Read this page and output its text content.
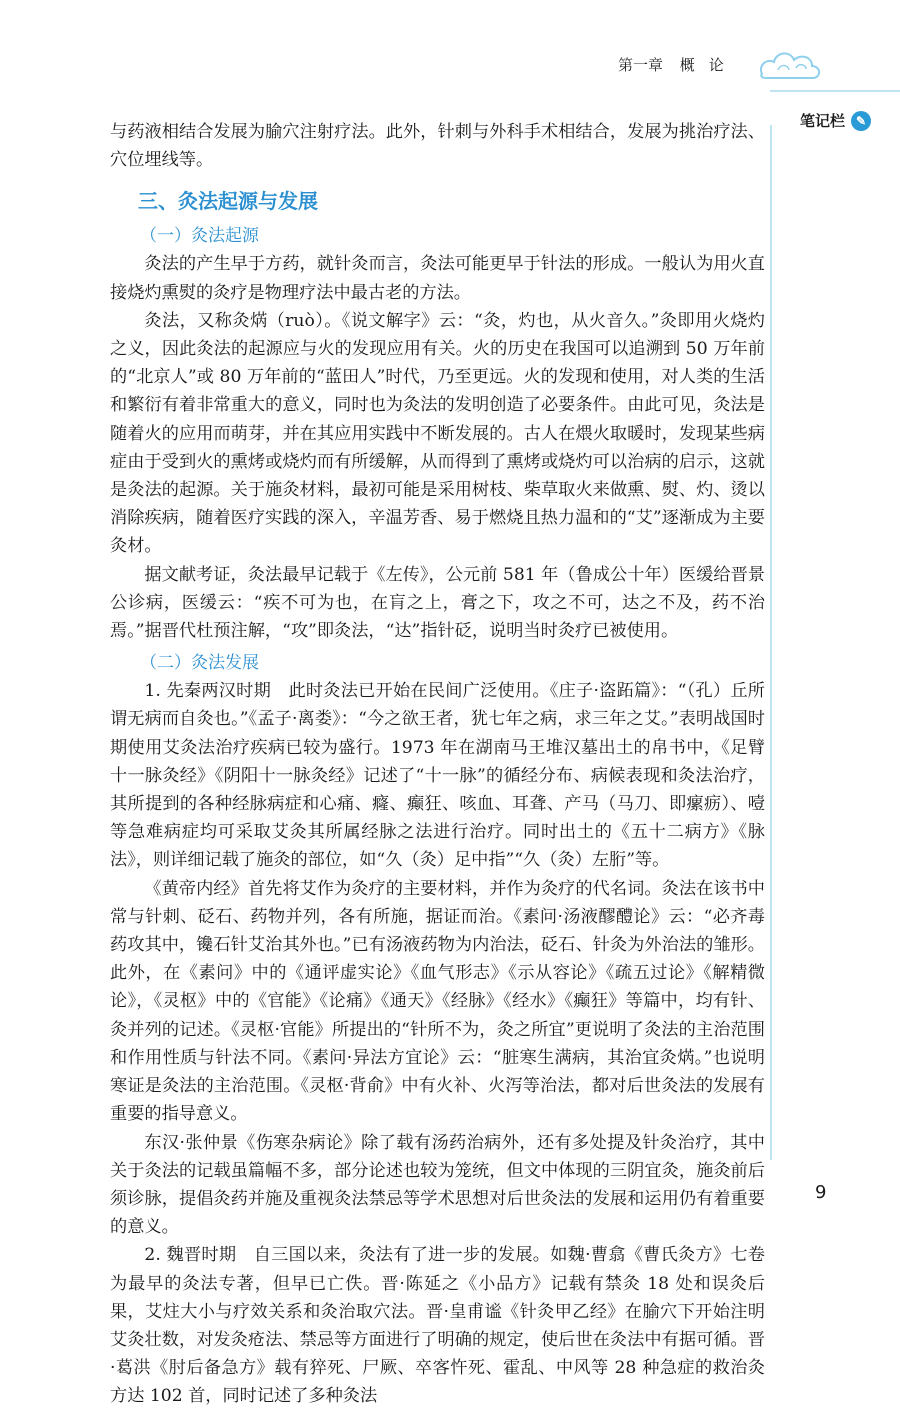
第一章 概论
笔记栏 ✎

与药液相结合发展为腧穴注射疗法。此外，针刺与外科手术相结合，发展为挑治疗法、穴位埋线等。

三、灸法起源与发展
（一）灸法起源

灸法的产生早于方药，就针灸而言，灸法可能更早于针法的形成。一般认为用火直接烧灼熏熨的灸疗是物理疗法中最古老的方法。

灸法，又称灸焫（ruò）。《说文解字》云：“灸，灼也，从火音久。”灸即用火烧灼之义，因此灸法的起源应与火的发现应用有关。火的历史在我国可以追溯到 50 万年前的“北京人”或 80 万年前的“蓝田人”时代，乃至更远。火的发现和使用，对人类的生活和繁衍有着非常重大的意义，同时也为灸法的发明创造了必要条件。由此可见，灸法是随着火的应用而萌芽，并在其应用实践中不断发展的。古人在煨火取暖时，发现某些病症由于受到火的熏烤或烧灼而有所缓解，从而得到了熏烤或烧灼可以治病的启示，这就是灸法的起源。关于施灸材料，最初可能是采用树枝、柴草取火来做熏、熨、灼、烫以消除疾病，随着医疗实践的深入，辛温芳香、易于燃烧且热力温和的“艾”逐渐成为主要灸材。

据文献考证，灸法最早记载于《左传》，公元前 581 年（鲁成公十年）医缓给晋景公诊病，医缓云：“疾不可为也，在肓之上，膏之下，攻之不可，达之不及，药不治焉。”据晋代杜预注解，“攻”即灸法，“达”指针砭，说明当时灸疗已被使用。

（二）灸法发展

1. 先秦两汉时期　此时灸法已开始在民间广泛使用。《庄子·盗跖篇》：“（孔）丘所谓无病而自灸也。”《孟子·离娄》：“今之欲王者，犹七年之病，求三年之艾。”表明战国时期使用艾灸法治疗疾病已较为盛行。1973 年在湖南马王堆汉墓出土的帛书中，《足臂十一脉灸经》《阴阳十一脉灸经》记述了“十一脉”的循经分布、病候表现和灸法治疗，其所提到的各种经脉病症和心痛、癃、癫狂、咳血、耳聋、产马（马刀、即瘰疬）、噎等急难病症均可采取艾灸其所属经脉之法进行治疗。同时出土的《五十二病方》《脉法》，则详细记载了施灸的部位，如“久（灸）足中指”“久（灸）左胻”等。

《黄帝内经》首先将艾作为灸疗的主要材料，并作为灸疗的代名词。灸法在该书中常与针刺、砭石、药物并列，各有所施，据证而治。《素问·汤液醪醴论》云：“必齐毒药攻其中，镵石针艾治其外也。”已有汤液药物为内治法，砭石、针灸为外治法的雏形。此外，在《素问》中的《通评虚实论》《血气形志》《示从容论》《疏五过论》《解精微论》，《灵枢》中的《官能》《论痛》《通天》《经脉》《经水》《癫狂》等篇中，均有针、灸并列的记述。《灵枢·官能》所提出的“针所不为，灸之所宜”更说明了灸法的主治范围和作用性质与针法不同。《素问·异法方宜论》云：“脏寒生满病，其治宜灸焫。”也说明寒证是灸法的主治范围。《灵枢·背俞》中有火补、火泻等治法，都对后世灸法的发展有重要的指导意义。

东汉·张仲景《伤寒杂病论》除了载有汤药治病外，还有多处提及针灸治疗，其中关于灸法的记载虽篇幅不多，部分论述也较为笼统，但文中体现的三阴宜灸，施灸前后须诊脉，提倡灸药并施及重视灸法禁忌等学术思想对后世灸法的发展和运用仍有着重要的意义。

2. 魏晋时期　自三国以来，灸法有了进一步的发展。如魏·曹翕《曹氏灸方》七卷为最早的灸法专著，但早已亡佚。晋·陈延之《小品方》记载有禁灸 18 处和误灸后果，艾炷大小与疗效关系和灸治取穴法。晋·皇甫谧《针灸甲乙经》在腧穴下开始注明艾灸壮数，对发灸疮法、禁忌等方面进行了明确的规定，使后世在灸法中有据可循。晋·葛洪《肘后备急方》载有猝死、尸厥、卒客忤死、霍乱、中风等 28 种急症的救治灸方达 102 首，同时记述了多种灸法

9
